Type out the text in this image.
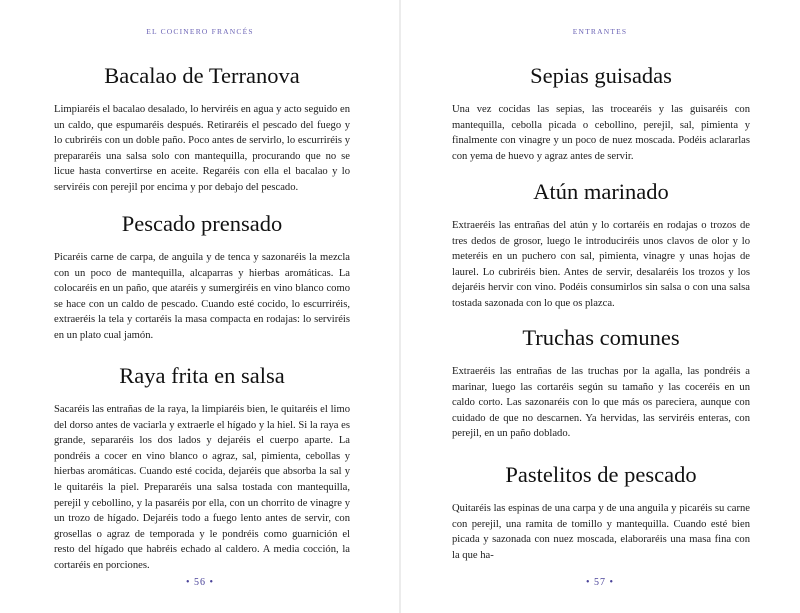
EL COCINERO FRANCÉS
Bacalao de Terranova

Limpiaréis el bacalao desalado, lo herviréis en agua y acto seguido en un caldo, que espumaréis después. Retiraréis el pescado del fuego y lo cubriréis con un doble paño. Poco antes de servirlo, lo escurriréis y prepararéis una salsa solo con mantequilla, procurando que no se licue hasta convertirse en aceite. Regaréis con ella el bacalao y lo serviréis con perejil por encima y por debajo del pescado.

Pescado prensado

Picaréis carne de carpa, de anguila y de tenca y sazonaréis la mezcla con un poco de mantequilla, alcaparras y hierbas aromáticas. La colocaréis en un paño, que ataréis y sumergiréis en vino blanco como se hace con un caldo de pescado. Cuando esté cocido, lo escurriréis, extraeréis la tela y cortaréis la masa compacta en rodajas: lo serviréis en un plato cual jamón.

Raya frita en salsa

Sacaréis las entrañas de la raya, la limpiaréis bien, le quitaréis el limo del dorso antes de vaciarla y extraerle el hígado y la hiel. Si la raya es grande, separaréis los dos lados y dejaréis el cuerpo aparte. La pondréis a cocer en vino blanco o agraz, sal, pimienta, cebollas y hierbas aromáticas. Cuando esté cocida, dejaréis que absorba la sal y le quitaréis la piel. Prepararéis una salsa tostada con mantequilla, perejil y cebollino, y la pasaréis por ella, con un chorrito de vinagre y un trozo de hígado. Dejaréis todo a fuego lento antes de servir, con grosellas o agraz de temporada y le pondréis como guarnición el resto del hígado que habréis echado al caldero. A media cocción, la cortaréis en porciones.

• 56 •
ENTRANTES
Sepias guisadas

Una vez cocidas las sepias, las trocearéis y las guisaréis con mantequilla, cebolla picada o cebollino, perejil, sal, pimienta y finalmente con vinagre y un poco de nuez moscada. Podéis aclararlas con yema de huevo y agraz antes de servir.

Atún marinado

Extraeréis las entrañas del atún y lo cortaréis en rodajas o trozos de tres dedos de grosor, luego le introduciréis unos clavos de olor y lo meteréis en un puchero con sal, pimienta, vinagre y unas hojas de laurel. Lo cubriréis bien. Antes de servir, desalaréis los trozos y los dejaréis hervir con vino. Podéis consumirlos sin salsa o con una salsa tostada sazonada con lo que os plazca.

Truchas comunes

Extraeréis las entrañas de las truchas por la agalla, las pondréis a marinar, luego las cortaréis según su tamaño y las coceréis en un caldo corto. Las sazonaréis con lo que más os pareciera, aunque con cuidado de que no descarnen. Ya hervidas, las serviréis enteras, con perejil, en un paño doblado.

Pastelitos de pescado

Quitaréis las espinas de una carpa y de una anguila y picaréis su carne con perejil, una ramita de tomillo y mantequilla. Cuando esté bien picada y sazonada con nuez moscada, elaboraréis una masa fina con la que ha-

• 57 •
